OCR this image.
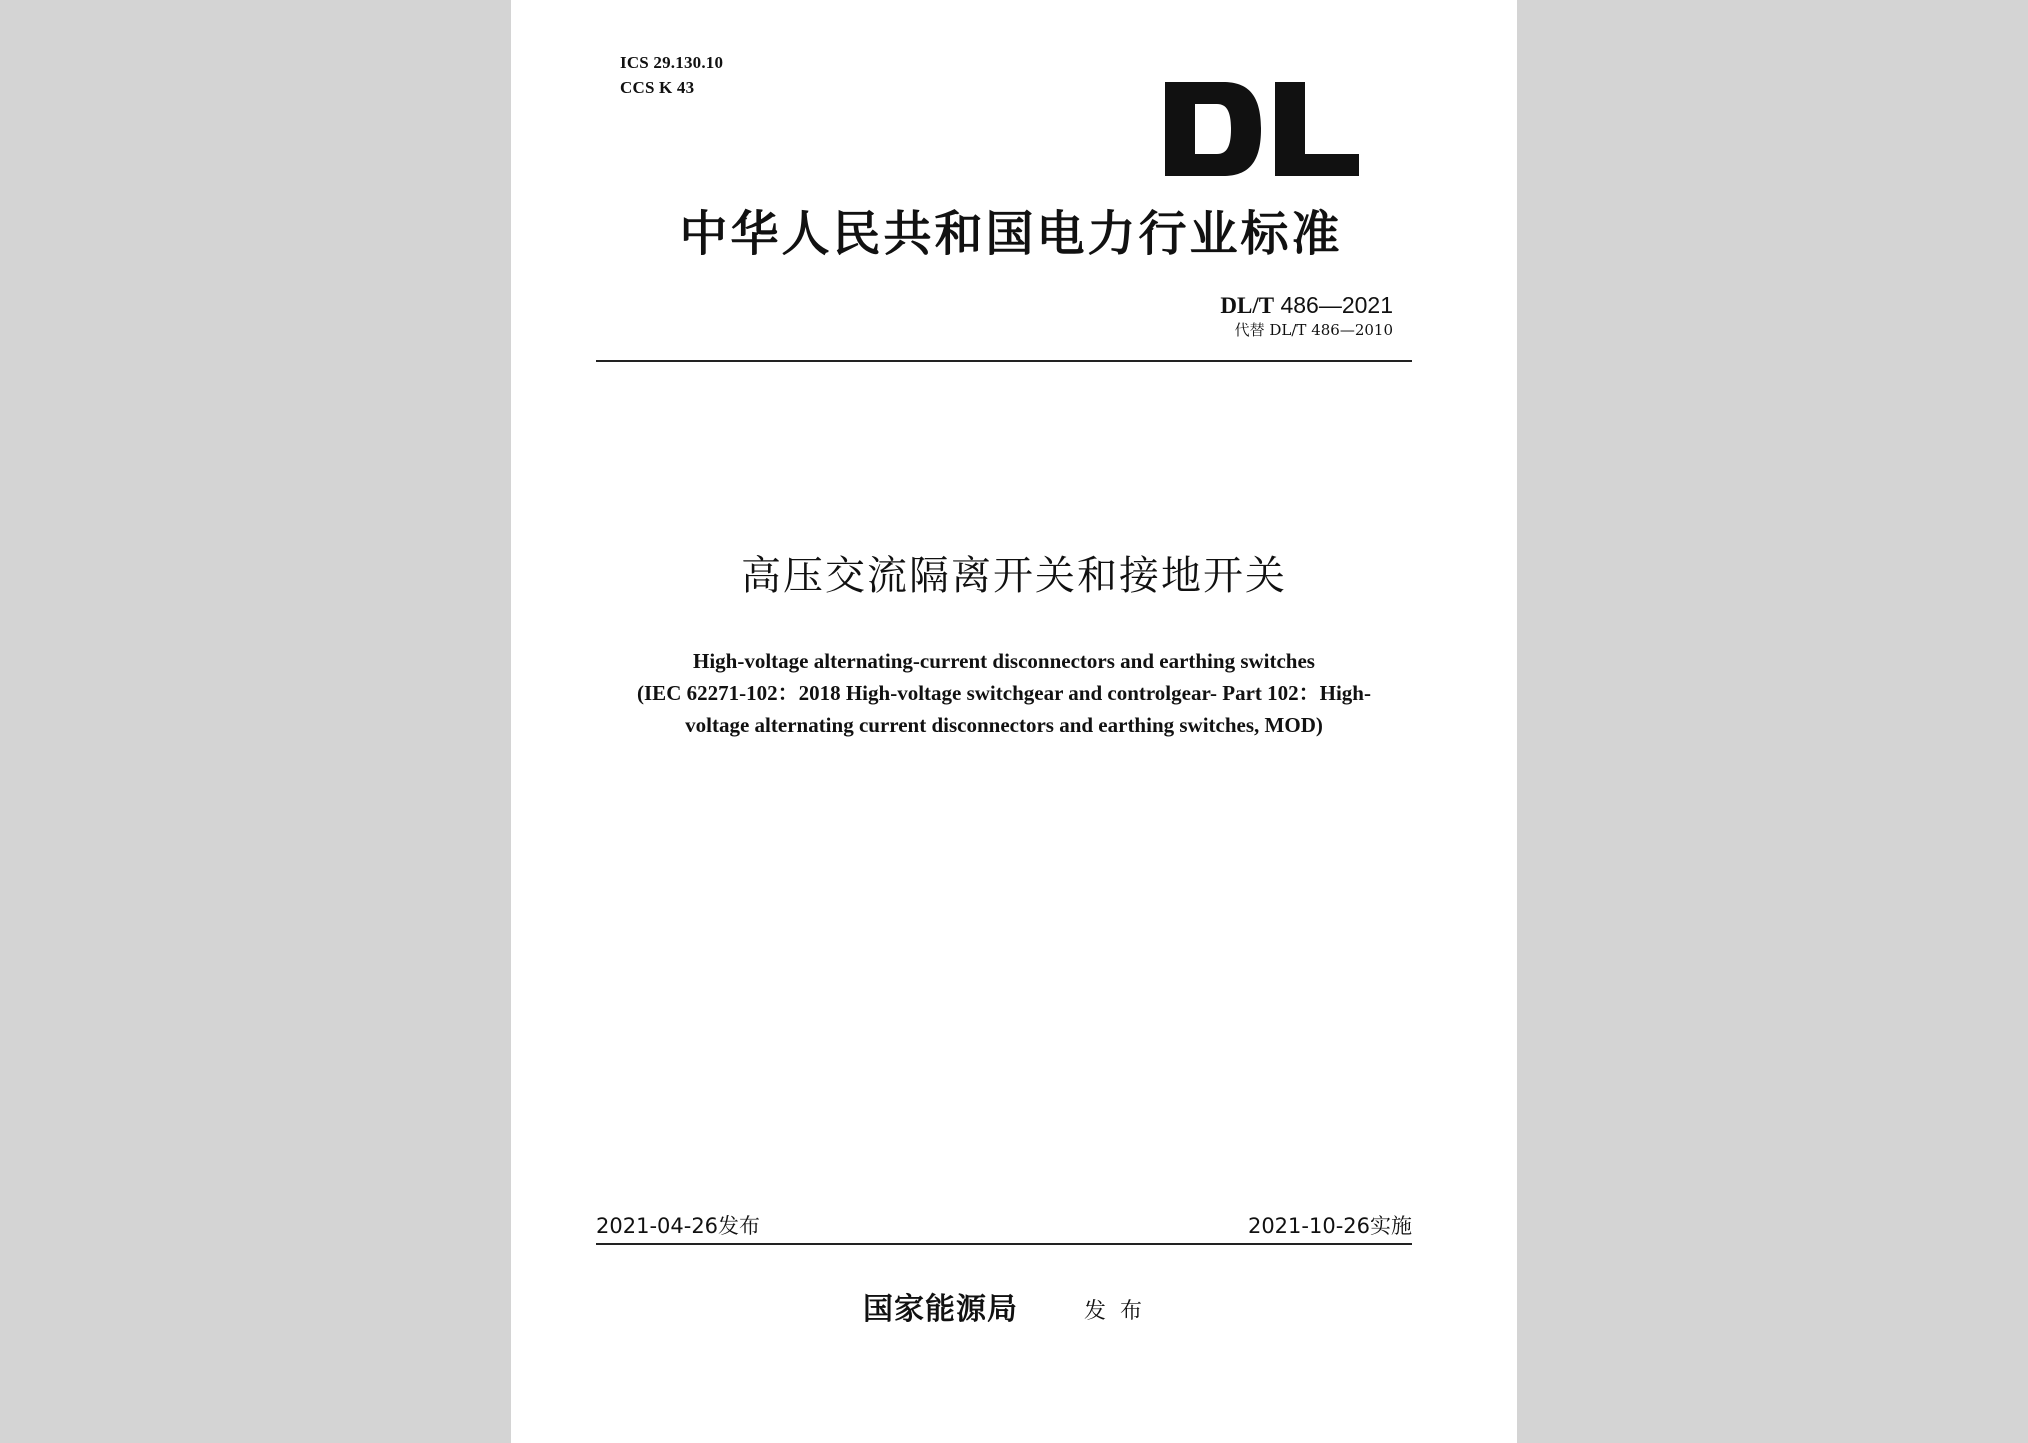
ICS 29.130.10
CCS K 43
中华人民共和国电力行业标准
DL/T 486—2021
代替 DL/T 486—2010
高压交流隔离开关和接地开关
High-voltage alternating-current disconnectors and earthing switches
(IEC 62271-102：2018 High-voltage switchgear and controlgear- Part 102：High-
voltage alternating current disconnectors and earthing switches, MOD)
2021-04-26发布	2021-10-26实施
国家能源局	发布
